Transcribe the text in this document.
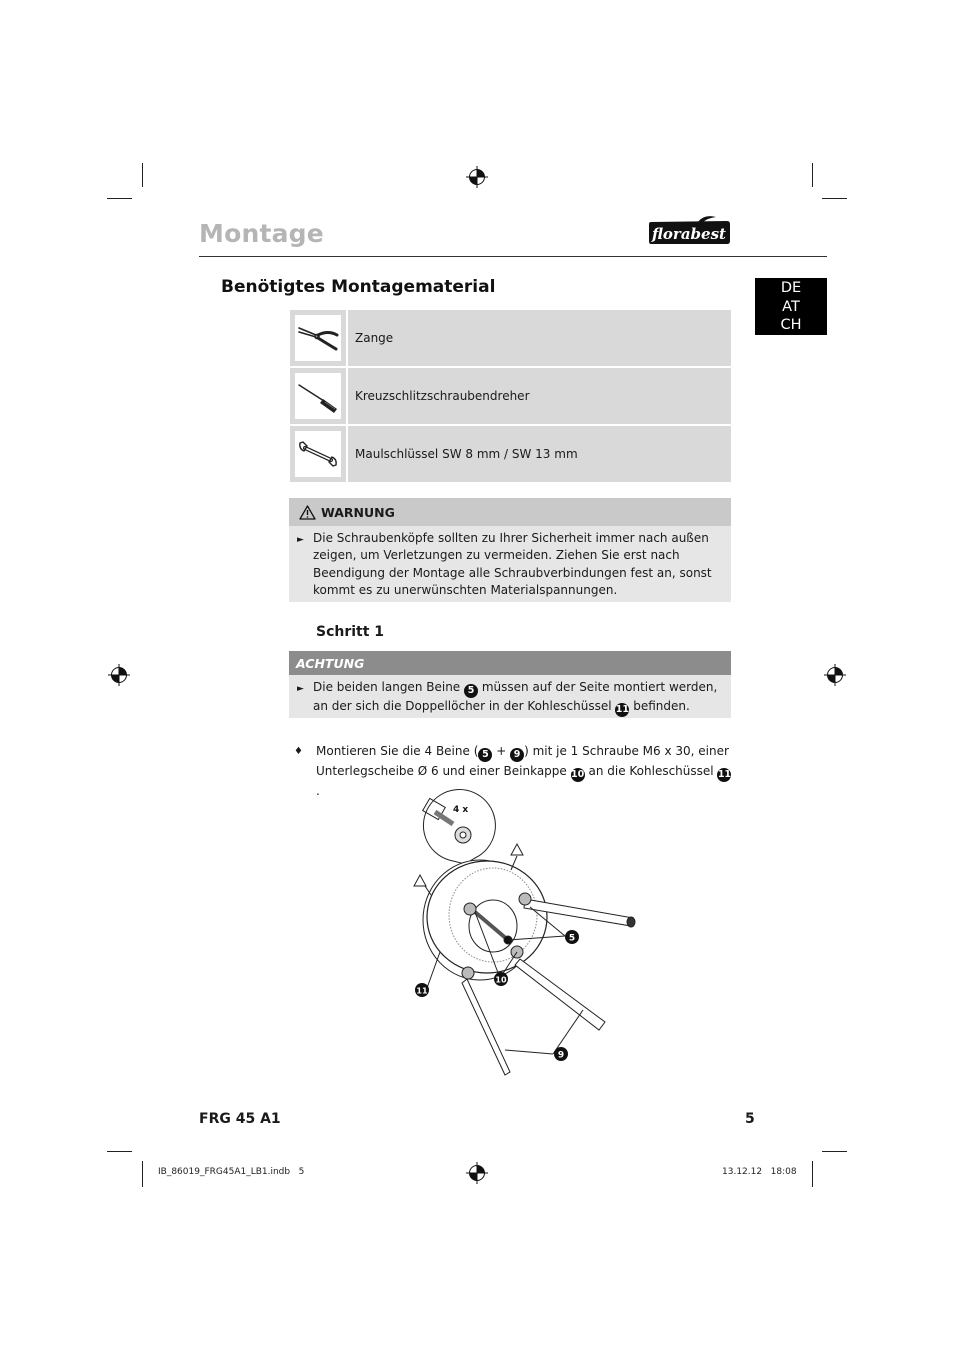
Montage	florabest
Benötigtes Montagematerial	DE
AT
CH
Zange
Kreuzschlitzschraubendreher
Maulschlüssel SW 8 mm / SW 13 mm
WARNUNG
► Die Schraubenköpfe sollten zu Ihrer Sicherheit immer nach außen zeigen, um Verletzungen zu vermeiden. Ziehen Sie erst nach Beendigung der Montage alle Schraubverbindungen fest an, sonst kommt es zu unerwünschten Materialspannungen.
Schritt 1
ACHTUNG
► Die beiden langen Beine 5 müssen auf der Seite montiert werden, an der sich die Doppellöcher in der Kohleschüssel 11 befinden.
♦	Montieren Sie die 4 Beine ( 5 + 9 ) mit je 1 Schraube M6 x 30, einer Unterlegscheibe Ø 6 und einer Beinkappe 10 an die Kohleschüssel 11.
4 x
5
10
11
9
FRG 45 A1	5
IB_86019_FRG45A1_LB1.indb   5	13.12.12   18:08
